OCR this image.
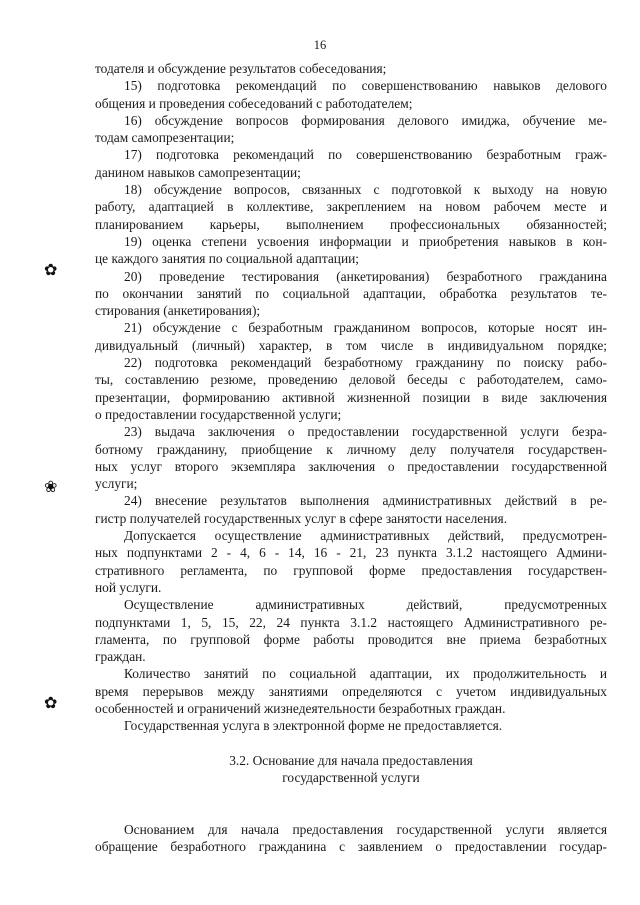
16
✿
❀
✿
тодателя и обсуждение результатов собеседования;
15) подготовка рекомендаций по совершенствованию навыков делового
общения и проведения собеседований с работодателем;
16) обсуждение вопросов формирования делового имиджа, обучение ме-
тодам самопрезентации;
17) подготовка рекомендаций по совершенствованию безработным граж-
данином навыков самопрезентации;
18) обсуждение вопросов, связанных с подготовкой к выходу на новую
работу, адаптацией в коллективе, закреплением на новом рабочем месте и
планированием карьеры, выполнением профессиональных обязанностей;
19) оценка степени усвоения информации и приобретения навыков в кон-
це каждого занятия по социальной адаптации;
20) проведение тестирования (анкетирования) безработного гражданина
по окончании занятий по социальной адаптации, обработка результатов те-
стирования (анкетирования);
21) обсуждение с безработным гражданином вопросов, которые носят ин-
дивидуальный (личный) характер, в том числе в индивидуальном порядке;
22) подготовка рекомендаций безработному гражданину по поиску рабо-
ты, составлению резюме, проведению деловой беседы с работодателем, само-
презентации, формированию активной жизненной позиции в виде заключения
о предоставлении государственной услуги;
23) выдача заключения о предоставлении государственной услуги безра-
ботному гражданину, приобщение к личному делу получателя государствен-
ных услуг второго экземпляра заключения о предоставлении государственной
услуги;
24) внесение результатов выполнения административных действий в ре-
гистр получателей государственных услуг в сфере занятости населения.
Допускается осуществление административных действий, предусмотрен-
ных подпунктами 2 - 4, 6 - 14, 16 - 21, 23 пункта 3.1.2 настоящего Админи-
стративного регламента, по групповой форме предоставления государствен-
ной услуги.
Осуществление административных действий, предусмотренных
подпунктами 1, 5, 15, 22, 24 пункта 3.1.2 настоящего Административного ре-
гламента, по групповой форме работы проводится вне приема безработных
граждан.
Количество занятий по социальной адаптации, их продолжительность и
время перерывов между занятиями определяются с учетом индивидуальных
особенностей и ограничений жизнедеятельности безработных граждан.
Государственная услуга в электронной форме не предоставляется.
3.2. Основание для начала предоставления
государственной услуги
Основанием для начала предоставления государственной услуги является
обращение безработного гражданина с заявлением о предоставлении государ-
